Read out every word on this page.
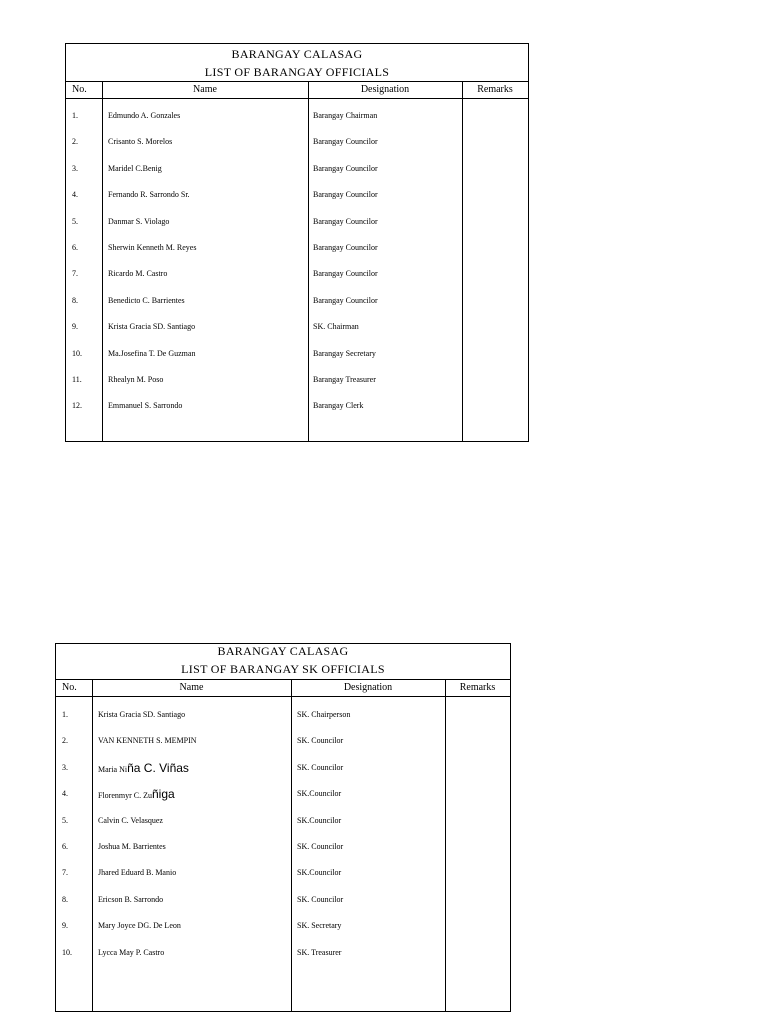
BARANGAY CALASAG
LIST OF BARANGAY OFFICIALS
No.	Name	Designation	Remarks
1.	Edmundo A. Gonzales	Barangay Chairman
2.	Crisanto S. Morelos	Barangay Councilor
3.	Maridel C.Benig	Barangay Councilor
4.	Fernando R. Sarrondo Sr.	Barangay Councilor
5.	Danmar S. Violago	Barangay Councilor
6.	Sherwin Kenneth M. Reyes	Barangay Councilor
7.	Ricardo M. Castro	Barangay Councilor
8.	Benedicto C. Barrientes	Barangay Councilor
9.	Krista Gracia SD. Santiago	SK. Chairman
10.	Ma.Josefina T. De Guzman	Barangay Secretary
11.	Rhealyn M. Poso	Barangay Treasurer
12.	Emmanuel S. Sarrondo	Barangay Clerk
BARANGAY CALASAG
LIST OF BARANGAY SK OFFICIALS
No.	Name	Designation	Remarks
1.	Krista Gracia SD. Santiago	SK. Chairperson
2.	VAN KENNETH S. MEMPIN	SK. Councilor
3.	Maria Niña C. Viñas	SK. Councilor
4.	Florenmyr C. Zuñiga	SK.Councilor
5.	Calvin C. Velasquez	SK.Councilor
6.	Joshua M. Barrientes	SK. Councilor
7.	Jhared Eduard B. Manio	SK.Councilor
8.	Ericson B. Sarrondo	SK. Councilor
9.	Mary Joyce DG. De Leon	SK. Secretary
10.	Lycca May P. Castro	SK. Treasurer
